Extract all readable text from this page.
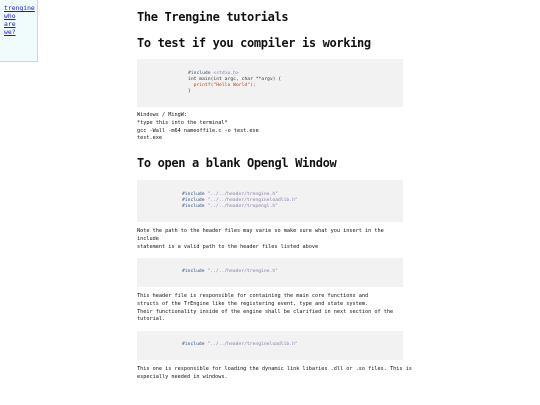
trengine
who
are
we?
The Trengine tutorials
To test if you compiler is working
#include <stdio.h>
int main(int argc, char **argv) {
printf("Hello World");
}
Windows / MingW:
*type this into the terminal*
gcc -Wall -m64 nameoffile.c -o test.exe
test.exe
To open a blank Opengl Window
#include "../../header/trengine.h"
#include "../../header/trengineloadlib.h"
#include "../../header/tropengl.h"
Note the path to the header files may varie so make sure what you insert in the
include
statement is a valid path to the header files listed above
#include "../../header/trengine.h"
This header file is responsible for containing the main core functions and
structs of the TrEngine like the registering event, type and state system.
Their functionality inside of the engine shall be clarified in next section of the
tutorial.
#include "../../header/trengineloadlib.h"
This one is responsible for loading the dynamic link libaries .dll or .so files. This is
especially needed in windows.
